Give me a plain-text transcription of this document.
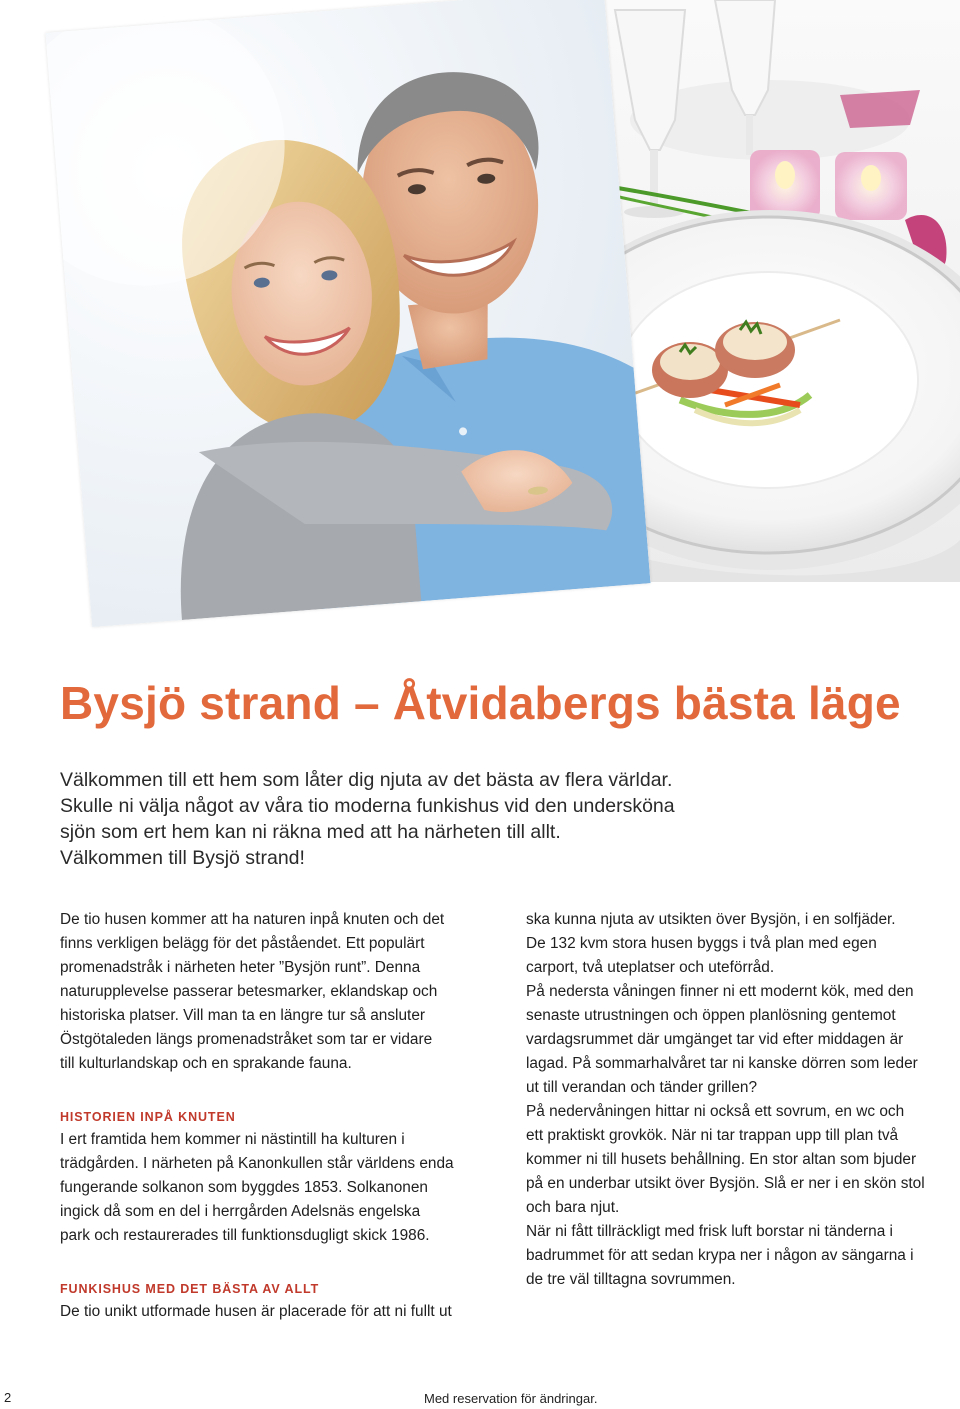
Bysjö strand – Åtvidabergs bästa läge
Välkommen till ett hem som låter dig njuta av det bästa av flera världar.
Skulle ni välja något av våra tio moderna funkishus vid den undersköna
sjön som ert hem kan ni räkna med att ha närheten till allt.
Välkommen till Bysjö strand!
De tio husen kommer att ha naturen inpå knuten och det
finns verkligen belägg för det påståendet. Ett populärt
promenadstråk i närheten heter ”Bysjön runt”. Denna
naturupplevelse passerar betesmarker, eklandskap och
historiska platser. Vill man ta en längre tur så ansluter
Östgötaleden längs promenadstråket som tar er vidare
till kulturlandskap och en sprakande fauna.
HISTORIEN INPÅ KNUTEN
I ert framtida hem kommer ni nästintill ha kulturen i
trädgården. I närheten på Kanonkullen står världens enda
fungerande solkanon som byggdes 1853. Solkanonen
ingick då som en del i herrgården Adelsnäs engelska
park och restaurerades till funktionsdugligt skick 1986.
FUNKISHUS MED DET BÄSTA AV ALLT
De tio unikt utformade husen är placerade för att ni fullt ut
ska kunna njuta av utsikten över Bysjön, i en solfjäder.
De 132 kvm stora husen byggs i två plan med egen
carport, två uteplatser och uteförråd.
På nedersta våningen finner ni ett modernt kök, med den
senaste utrustningen och öppen planlösning gentemot
vardagsrummet där umgänget tar vid efter middagen är
lagad. På sommarhalvåret tar ni kanske dörren som leder
ut till verandan och tänder grillen?
På nedervåningen hittar ni också ett sovrum, en wc och
ett praktiskt grovkök. När ni tar trappan upp till plan två
kommer ni till husets behållning. En stor altan som bjuder
på en underbar utsikt över Bysjön. Slå er ner i en skön stol
och bara njut.
När ni fått tillräckligt med frisk luft borstar ni tänderna i
badrummet för att sedan krypa ner i någon av sängarna i
de tre väl tilltagna sovrummen.
2	Med reservation för ändringar.
